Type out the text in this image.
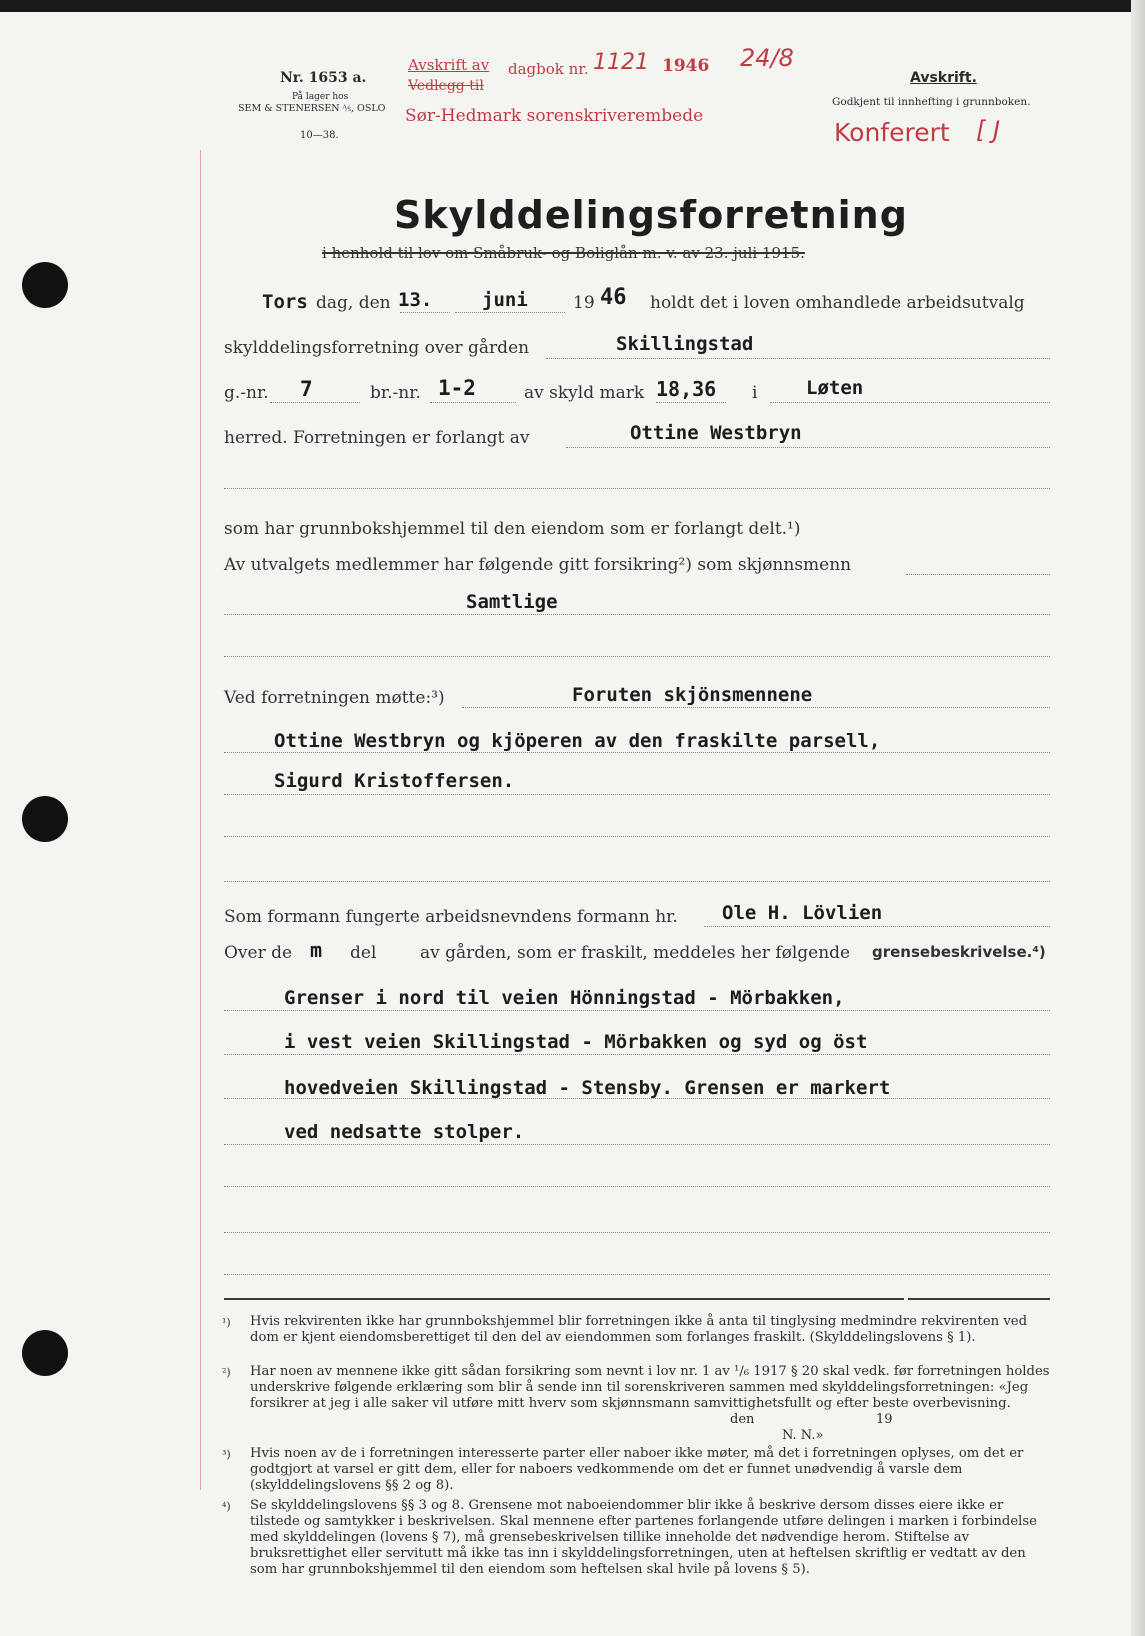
Nr. 1653 a.
På lager hos
SEM & STENERSEN ⅍, OSLO
10—38.
Avskrift av dagbok nr. 1121 1946 24/8
Vedlegg til
Sør-Hedmark sorenskriverembede
Avskrift.
Godkjent til innhefting i grunnboken.
Konferert [ J
Skylddelingsforretning
i henhold til lov om Småbruk- og Boliglån m. v. av 23. juli 1915.
Tors dag, den 13.	juni	19 46 holdt det i loven omhandlede arbeidsutvalg
skylddelingsforretning over gården	Skillingstad
g.-nr. 7	br.-nr. 1-2	av skyld mark 18,36 i	Løten
herred. Forretningen er forlangt av	Ottine Westbryn
som har grunnbokshjemmel til den eiendom som er forlangt delt.¹)
Av utvalgets medlemmer har følgende gitt forsikring²) som skjønnsmenn
Samtlige
Ved forretningen møtte:³)	Foruten skjönsmennene
Ottine Westbryn og kjöperen av den fraskilte parsell,
Sigurd Kristoffersen.
Som formann fungerte arbeidsnevndens formann hr. Ole H. Lövlien
Over de m del	av gården, som er fraskilt, meddeles her følgende grensebeskrivelse.⁴)
Grenser i nord til veien Hönningstad - Mörbakken,
i vest veien Skillingstad - Mörbakken og syd og öst
hovedveien Skillingstad - Stensby. Grensen er markert
ved nedsatte stolper.
¹) Hvis rekvirenten ikke har grunnbokshjemmel blir forretningen ikke å anta til tinglysing medmindre rekvirenten ved dom er kjent eiendomsberettiget til den del av eiendommen som forlanges fraskilt. (Skylddelingslovens § 1).
²) Har noen av mennene ikke gitt sådan forsikring som nevnt i lov nr. 1 av ¹/₆ 1917 § 20 skal vedk. før forretningen holdes underskrive følgende erklæring som blir å sende inn til sorenskriveren sammen med skylddelingsforretningen: «Jeg forsikrer at jeg i alle saker vil utføre mitt hverv som skjønnsmann samvittighetsfullt og efter beste overbevisning.
den	19
N. N.»
³) Hvis noen av de i forretningen interesserte parter eller naboer ikke møter, må det i forretningen oplyses, om det er godtgjort at varsel er gitt dem, eller for naboers vedkommende om det er funnet unødvendig å varsle dem (skylddelingslovens §§ 2 og 8).
⁴) Se skylddelingslovens §§ 3 og 8. Grensene mot naboeiendommer blir ikke å beskrive dersom disses eiere ikke er tilstede og samtykker i beskrivelsen. Skal mennene efter partenes forlangende utføre delingen i marken i forbindelse med skylddelingen (lovens § 7), må grensebeskrivelsen tillike inneholde det nødvendige herom. Stiftelse av bruksrettighet eller servitutt må ikke tas inn i skylddelingsforretningen, uten at heftelsen skriftlig er vedtatt av den som har grunnbokshjemmel til den eiendom som heftelsen skal hvile på lovens § 5).
